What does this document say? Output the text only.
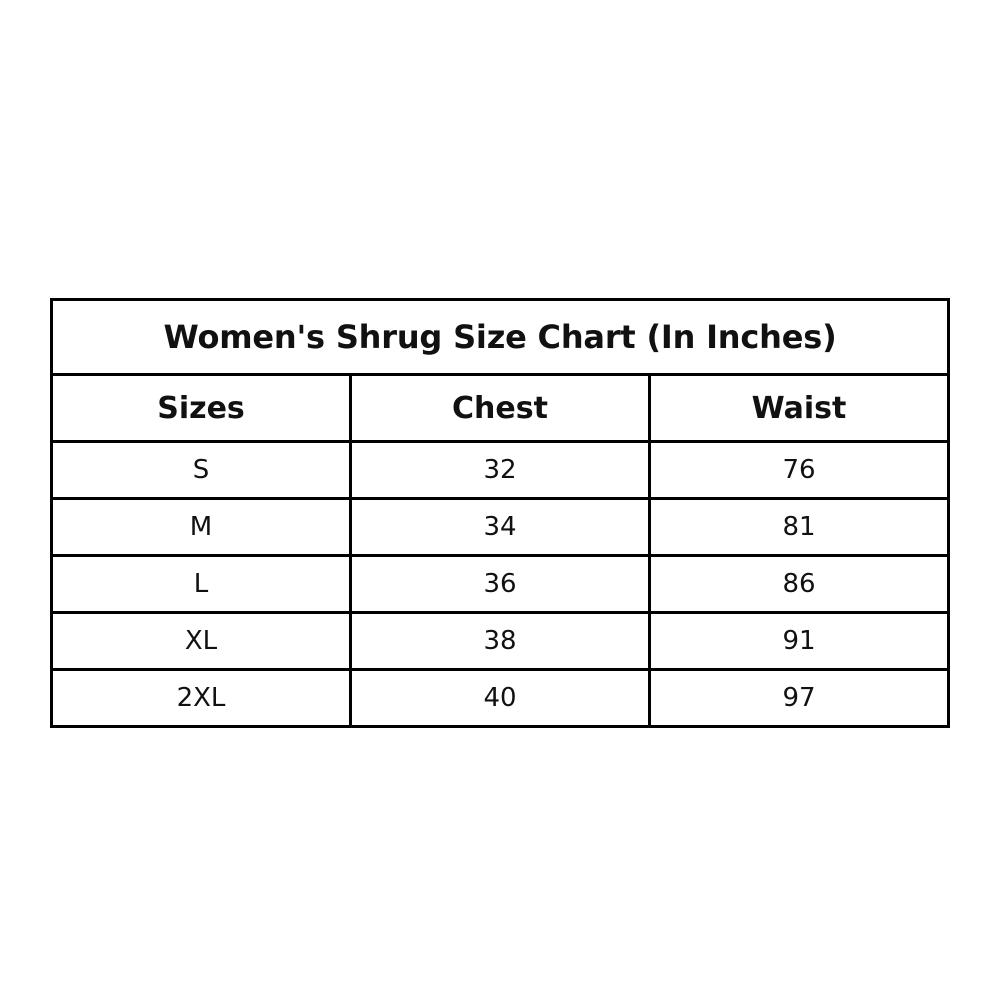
Women's Shrug Size Chart (In Inches)		
Sizes	Chest	Waist
S	32	76
M	34	81
L	36	86
XL	38	91
2XL	40	97
